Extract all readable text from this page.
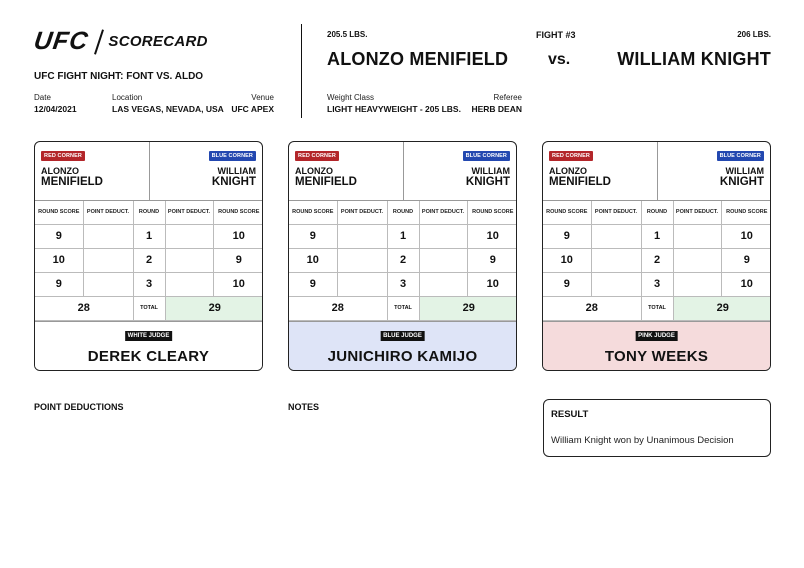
UFC SCORECARD
UFC FIGHT NIGHT: FONT VS. ALDO
Date
12/04/2021
Location
LAS VEGAS, NEVADA, USA
Venue
UFC APEX
205.5 LBS.
ALONZO MENIFIELD
FIGHT #3
vs.
206 LBS.
WILLIAM KNIGHT
Weight Class
LIGHT HEAVYWEIGHT - 205 LBS.
Referee
HERB DEAN
RED CORNER	BLUE CORNER
ALONZO
MENIFIELD
WILLIAM
KNIGHT
ROUND SCORE	POINT DEDUCT.	ROUND	POINT DEDUCT.	ROUND SCORE
9		1		10
10		2		9
9		3		10
28		TOTAL	29	
WHITE JUDGE
DEREK CLEARY
RED CORNER	BLUE CORNER
ALONZO
MENIFIELD
WILLIAM
KNIGHT
ROUND SCORE	POINT DEDUCT.	ROUND	POINT DEDUCT.	ROUND SCORE
9		1		10
10		2		9
9		3		10
28		TOTAL	29	
BLUE JUDGE
JUNICHIRO KAMIJO
RED CORNER	BLUE CORNER
ALONZO
MENIFIELD
WILLIAM
KNIGHT
ROUND SCORE	POINT DEDUCT.	ROUND	POINT DEDUCT.	ROUND SCORE
9		1		10
10		2		9
9		3		10
28		TOTAL	29	
PINK JUDGE
TONY WEEKS
POINT DEDUCTIONS	NOTES
RESULT
William Knight won by Unanimous Decision
